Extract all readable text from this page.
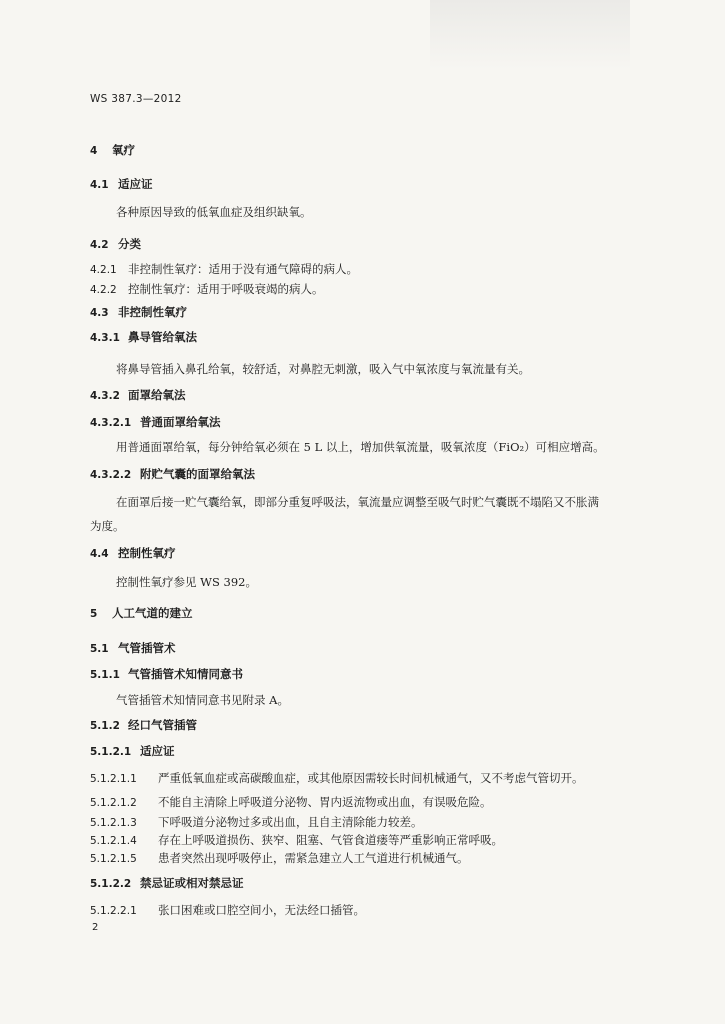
WS 387.3—2012
4 氧疗
4.1 适应证
各种原因导致的低氧血症及组织缺氧。
4.2 分类
4.2.1 非控制性氧疗：适用于没有通气障碍的病人。
4.2.2 控制性氧疗：适用于呼吸衰竭的病人。
4.3 非控制性氧疗
4.3.1 鼻导管给氧法
将鼻导管插入鼻孔给氧，较舒适，对鼻腔无刺激，吸入气中氧浓度与氧流量有关。
4.3.2 面罩给氧法
4.3.2.1 普通面罩给氧法
用普通面罩给氧，每分钟给氧必须在 5 L 以上，增加供氧流量，吸氧浓度（FiO₂）可相应增高。
4.3.2.2 附贮气囊的面罩给氧法
在面罩后接一贮气囊给氧，即部分重复呼吸法，氧流量应调整至吸气时贮气囊既不塌陷又不胀满
为度。
4.4 控制性氧疗
控制性氧疗参见 WS 392。
5 人工气道的建立
5.1 气管插管术
5.1.1 气管插管术知情同意书
气管插管术知情同意书见附录 A。
5.1.2 经口气管插管
5.1.2.1 适应证
5.1.2.1.1 严重低氧血症或高碳酸血症，或其他原因需较长时间机械通气，又不考虑气管切开。
5.1.2.1.2 不能自主清除上呼吸道分泌物、胃内返流物或出血，有误吸危险。
5.1.2.1.3 下呼吸道分泌物过多或出血，且自主清除能力较差。
5.1.2.1.4 存在上呼吸道损伤、狭窄、阻塞、气管食道瘘等严重影响正常呼吸。
5.1.2.1.5 患者突然出现呼吸停止，需紧急建立人工气道进行机械通气。
5.1.2.2 禁忌证或相对禁忌证
5.1.2.2.1 张口困难或口腔空间小，无法经口插管。
2
